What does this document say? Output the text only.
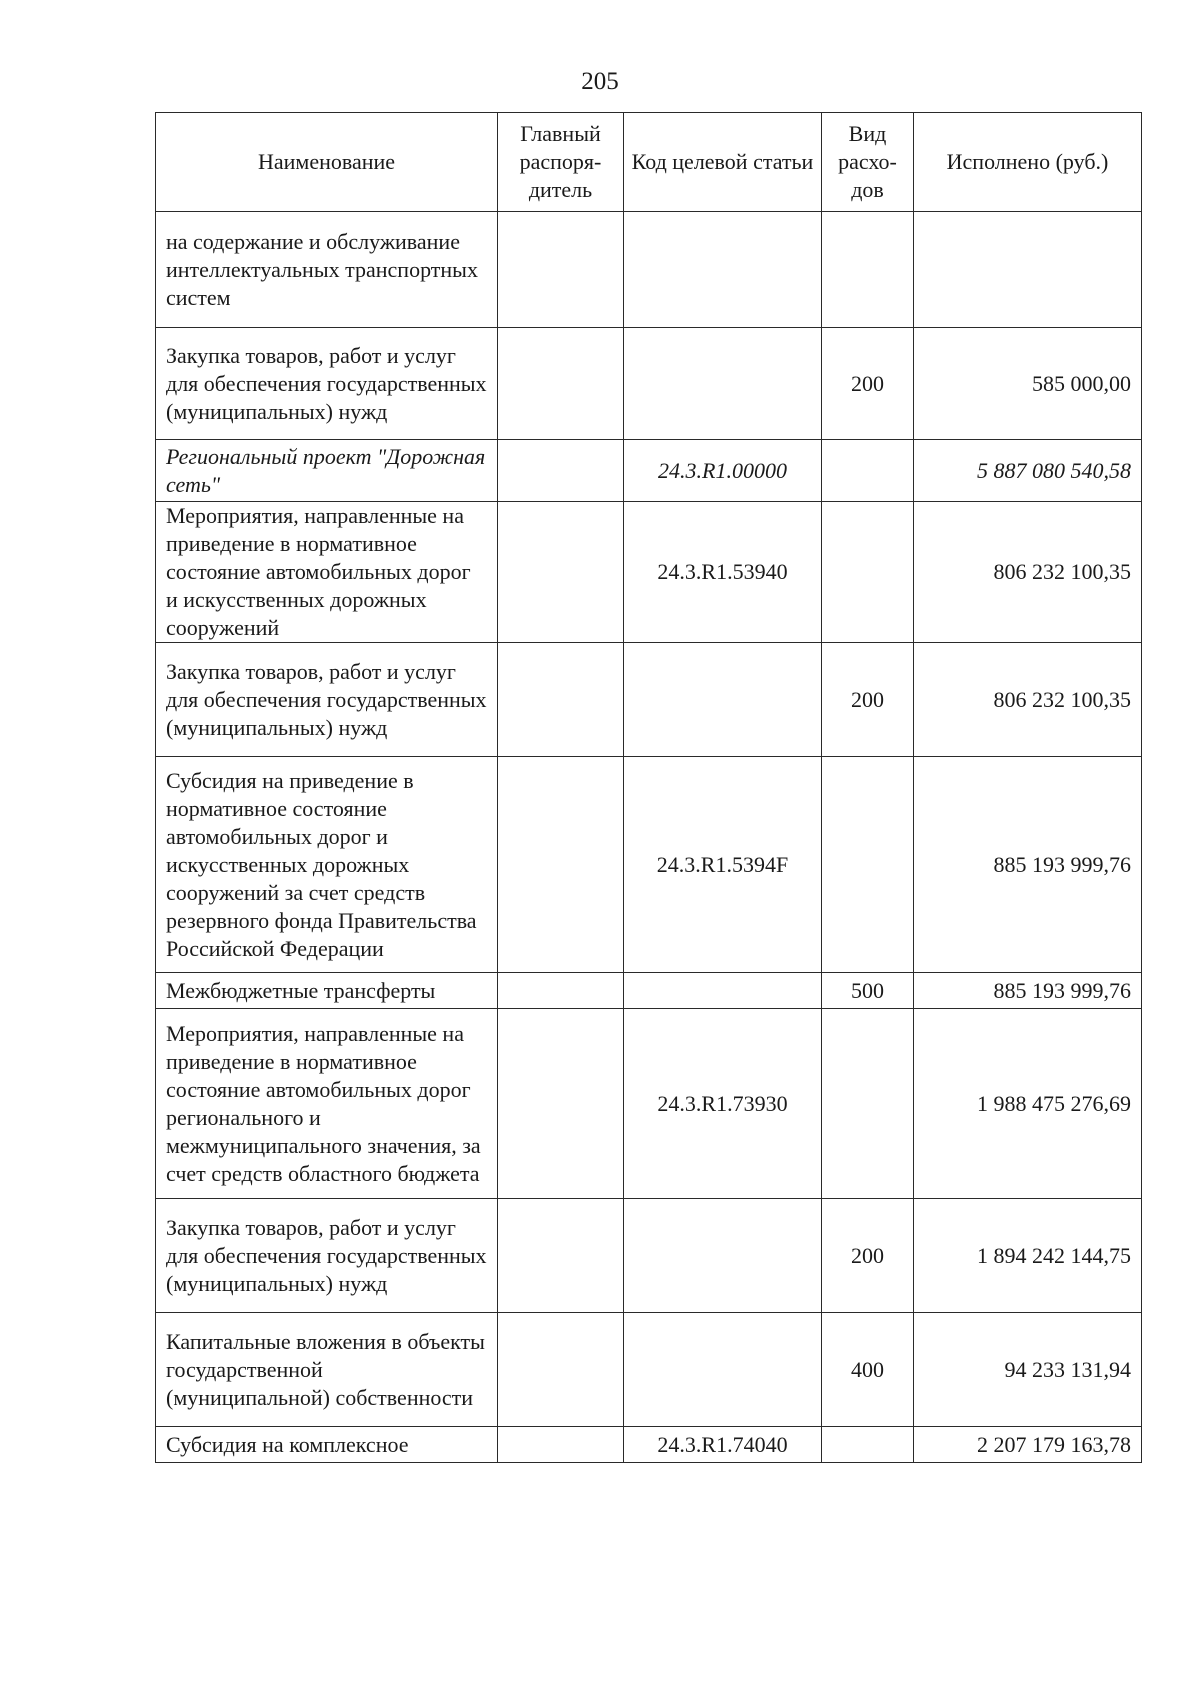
205
Наименование	Главный распоря- дитель	Код целевой статьи	Вид расхо- дов	Исполнено (руб.)
на содержание и обслуживание интеллектуальных транспортных систем				
Закупка товаров, работ и услуг для обеспечения государственных (муниципальных) нужд			200	585 000,00
Региональный проект "Дорожная сеть"		24.3.R1.00000		5 887 080 540,58
Мероприятия, направленные на приведение в нормативное состояние автомобильных дорог и искусственных дорожных сооружений		24.3.R1.53940		806 232 100,35
Закупка товаров, работ и услуг для обеспечения государственных (муниципальных) нужд			200	806 232 100,35
Субсидия на приведение в нормативное состояние автомобильных дорог и искусственных дорожных сооружений за счет средств резервного фонда Правительства Российской Федерации		24.3.R1.5394F		885 193 999,76
Межбюджетные трансферты			500	885 193 999,76
Мероприятия, направленные на приведение в нормативное состояние автомобильных дорог регионального и межмуниципального значения, за счет средств областного бюджета		24.3.R1.73930		1 988 475 276,69
Закупка товаров, работ и услуг для обеспечения государственных (муниципальных) нужд			200	1 894 242 144,75
Капитальные вложения в объекты государственной (муниципальной) собственности			400	94 233 131,94
Субсидия на комплексное		24.3.R1.74040		2 207 179 163,78
